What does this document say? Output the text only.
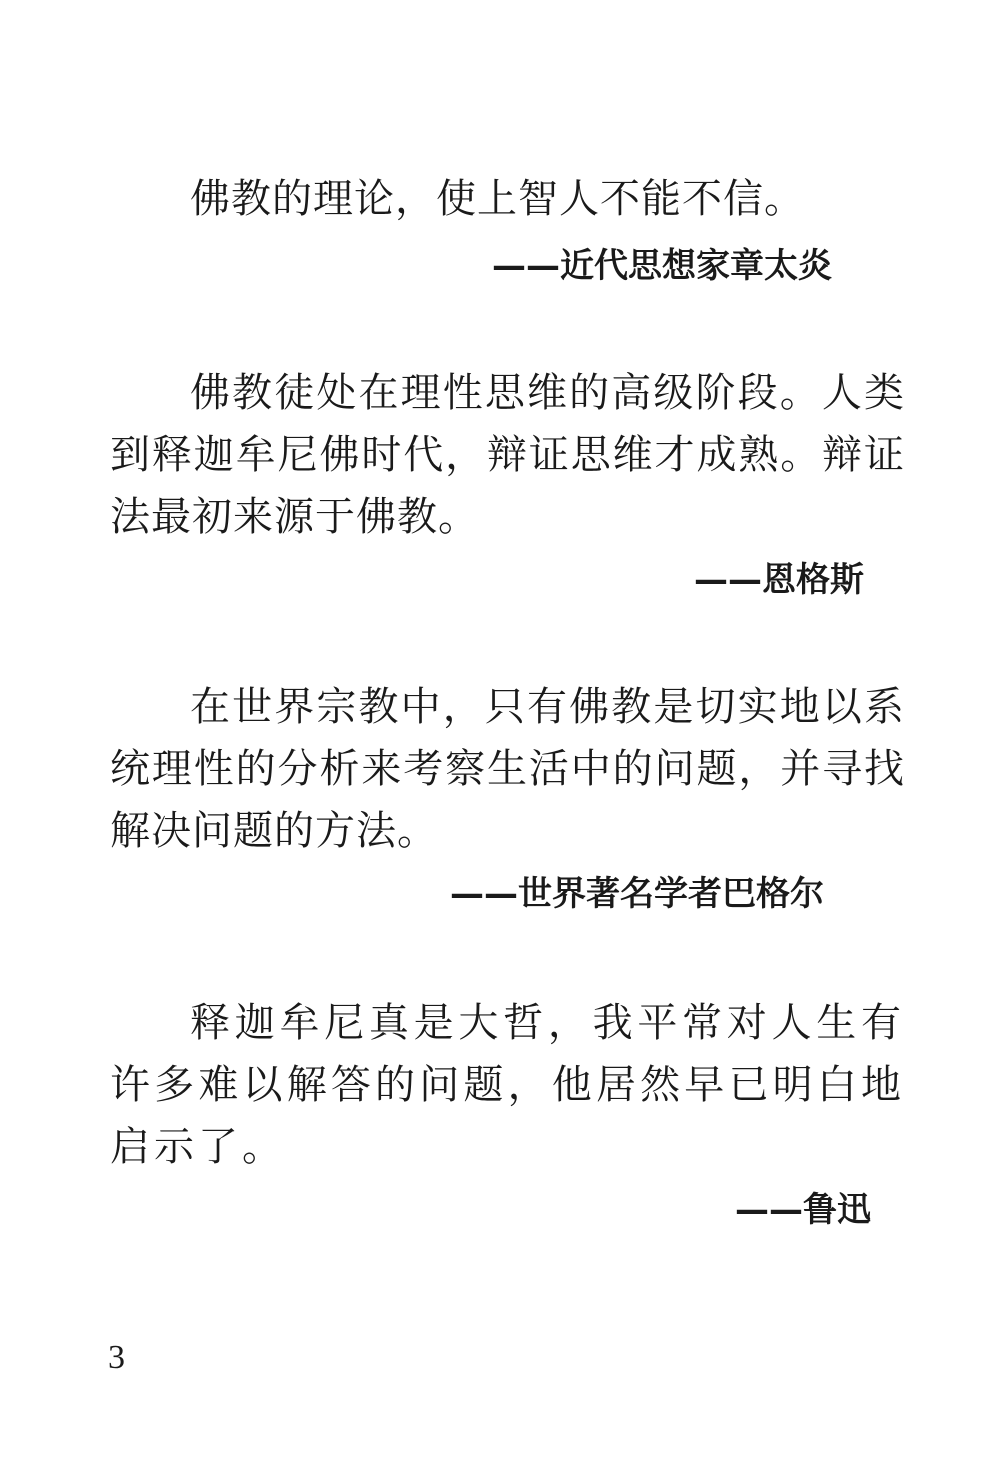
佛教的理论，使上智人不能不信。

——近代思想家章太炎

佛教徒处在理性思维的高级阶段。人类到释迦牟尼佛时代，辩证思维才成熟。辩证法最初来源于佛教。

——恩格斯

在世界宗教中，只有佛教是切实地以系统理性的分析来考察生活中的问题，并寻找解决问题的方法。

——世界著名学者巴格尔

释迦牟尼真是大哲，我平常对人生有许多难以解答的问题，他居然早已明白地启示了。

——鲁迅

3
